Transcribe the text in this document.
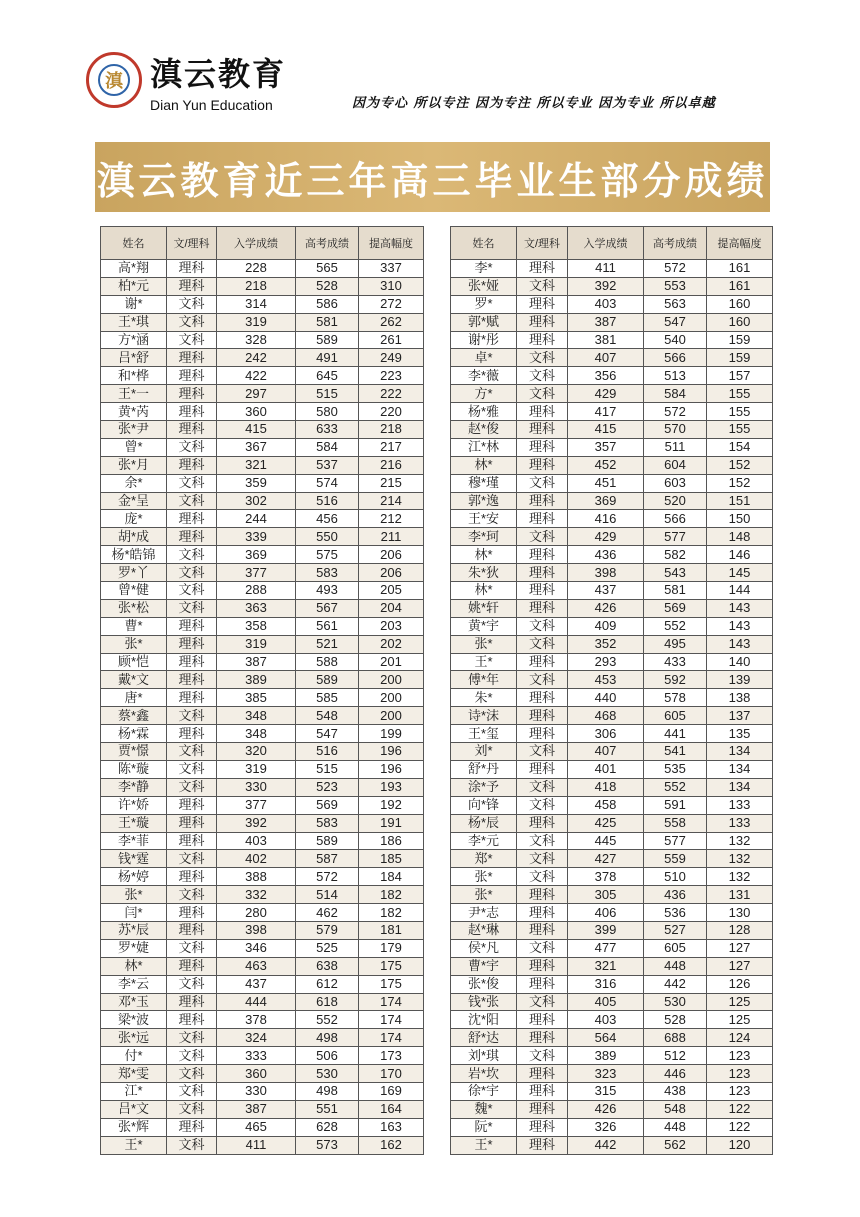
滇 滇云教育
Dian Yun Education	因为专心 所以专注 因为专注 所以专业 因为专业 所以卓越
滇云教育近三年高三毕业生部分成绩
姓名	文/理科	入学成绩	高考成绩	提高幅度
高*翔	理科	228	565	337
柏*元	理科	218	528	310
谢*	文科	314	586	272
王*琪	文科	319	581	262
方*涵	文科	328	589	261
吕*舒	理科	242	491	249
和*桦	理科	422	645	223
王*一	理科	297	515	222
黄*芮	理科	360	580	220
张*尹	理科	415	633	218
曾*	文科	367	584	217
张*月	理科	321	537	216
余*	文科	359	574	215
金*呈	文科	302	516	214
庞*	理科	244	456	212
胡*成	理科	339	550	211
杨*皓锦	文科	369	575	206
罗*丫	文科	377	583	206
曾*健	文科	288	493	205
张*松	文科	363	567	204
曹*	理科	358	561	203
张*	理科	319	521	202
顾*恺	理科	387	588	201
戴*文	理科	389	589	200
唐*	理科	385	585	200
蔡*鑫	文科	348	548	200
杨*霖	理科	348	547	199
贾*憬	文科	320	516	196
陈*璇	文科	319	515	196
李*静	文科	330	523	193
许*娇	理科	377	569	192
王*璇	理科	392	583	191
李*菲	理科	403	589	186
钱*霆	文科	402	587	185
杨*婷	理科	388	572	184
张*	文科	332	514	182
闫*	理科	280	462	182
苏*辰	理科	398	579	181
罗*婕	文科	346	525	179
林*	理科	463	638	175
李*云	文科	437	612	175
邓*玉	理科	444	618	174
梁*波	理科	378	552	174
张*远	文科	324	498	174
付*	文科	333	506	173
郑*雯	文科	360	530	170
江*	文科	330	498	169
吕*文	文科	387	551	164
张*辉	理科	465	628	163
王*	文科	411	573	162
姓名	文/理科	入学成绩	高考成绩	提高幅度
李*	理科	411	572	161
张*娅	文科	392	553	161
罗*	理科	403	563	160
郭*赋	理科	387	547	160
谢*彤	理科	381	540	159
卓*	文科	407	566	159
李*薇	文科	356	513	157
方*	文科	429	584	155
杨*雅	理科	417	572	155
赵*俊	理科	415	570	155
江*林	理科	357	511	154
林*	理科	452	604	152
穆*瑾	文科	451	603	152
郭*逸	理科	369	520	151
王*安	理科	416	566	150
李*珂	文科	429	577	148
林*	理科	436	582	146
朱*狄	理科	398	543	145
林*	理科	437	581	144
姚*轩	理科	426	569	143
黄*宇	文科	409	552	143
张*	文科	352	495	143
王*	理科	293	433	140
傅*年	文科	453	592	139
朱*	理科	440	578	138
诗*沫	理科	468	605	137
王*玺	理科	306	441	135
刘*	文科	407	541	134
舒*丹	理科	401	535	134
涂*予	文科	418	552	134
向*锋	文科	458	591	133
杨*辰	理科	425	558	133
李*元	文科	445	577	132
郑*	文科	427	559	132
张*	文科	378	510	132
张*	理科	305	436	131
尹*志	理科	406	536	130
赵*琳	理科	399	527	128
侯*凡	文科	477	605	127
曹*宇	理科	321	448	127
张*俊	理科	316	442	126
钱*张	文科	405	530	125
沈*阳	理科	403	528	125
舒*达	理科	564	688	124
刘*琪	文科	389	512	123
岩*坎	理科	323	446	123
徐*宇	理科	315	438	123
魏*	理科	426	548	122
阮*	理科	326	448	122
王*	理科	442	562	120
